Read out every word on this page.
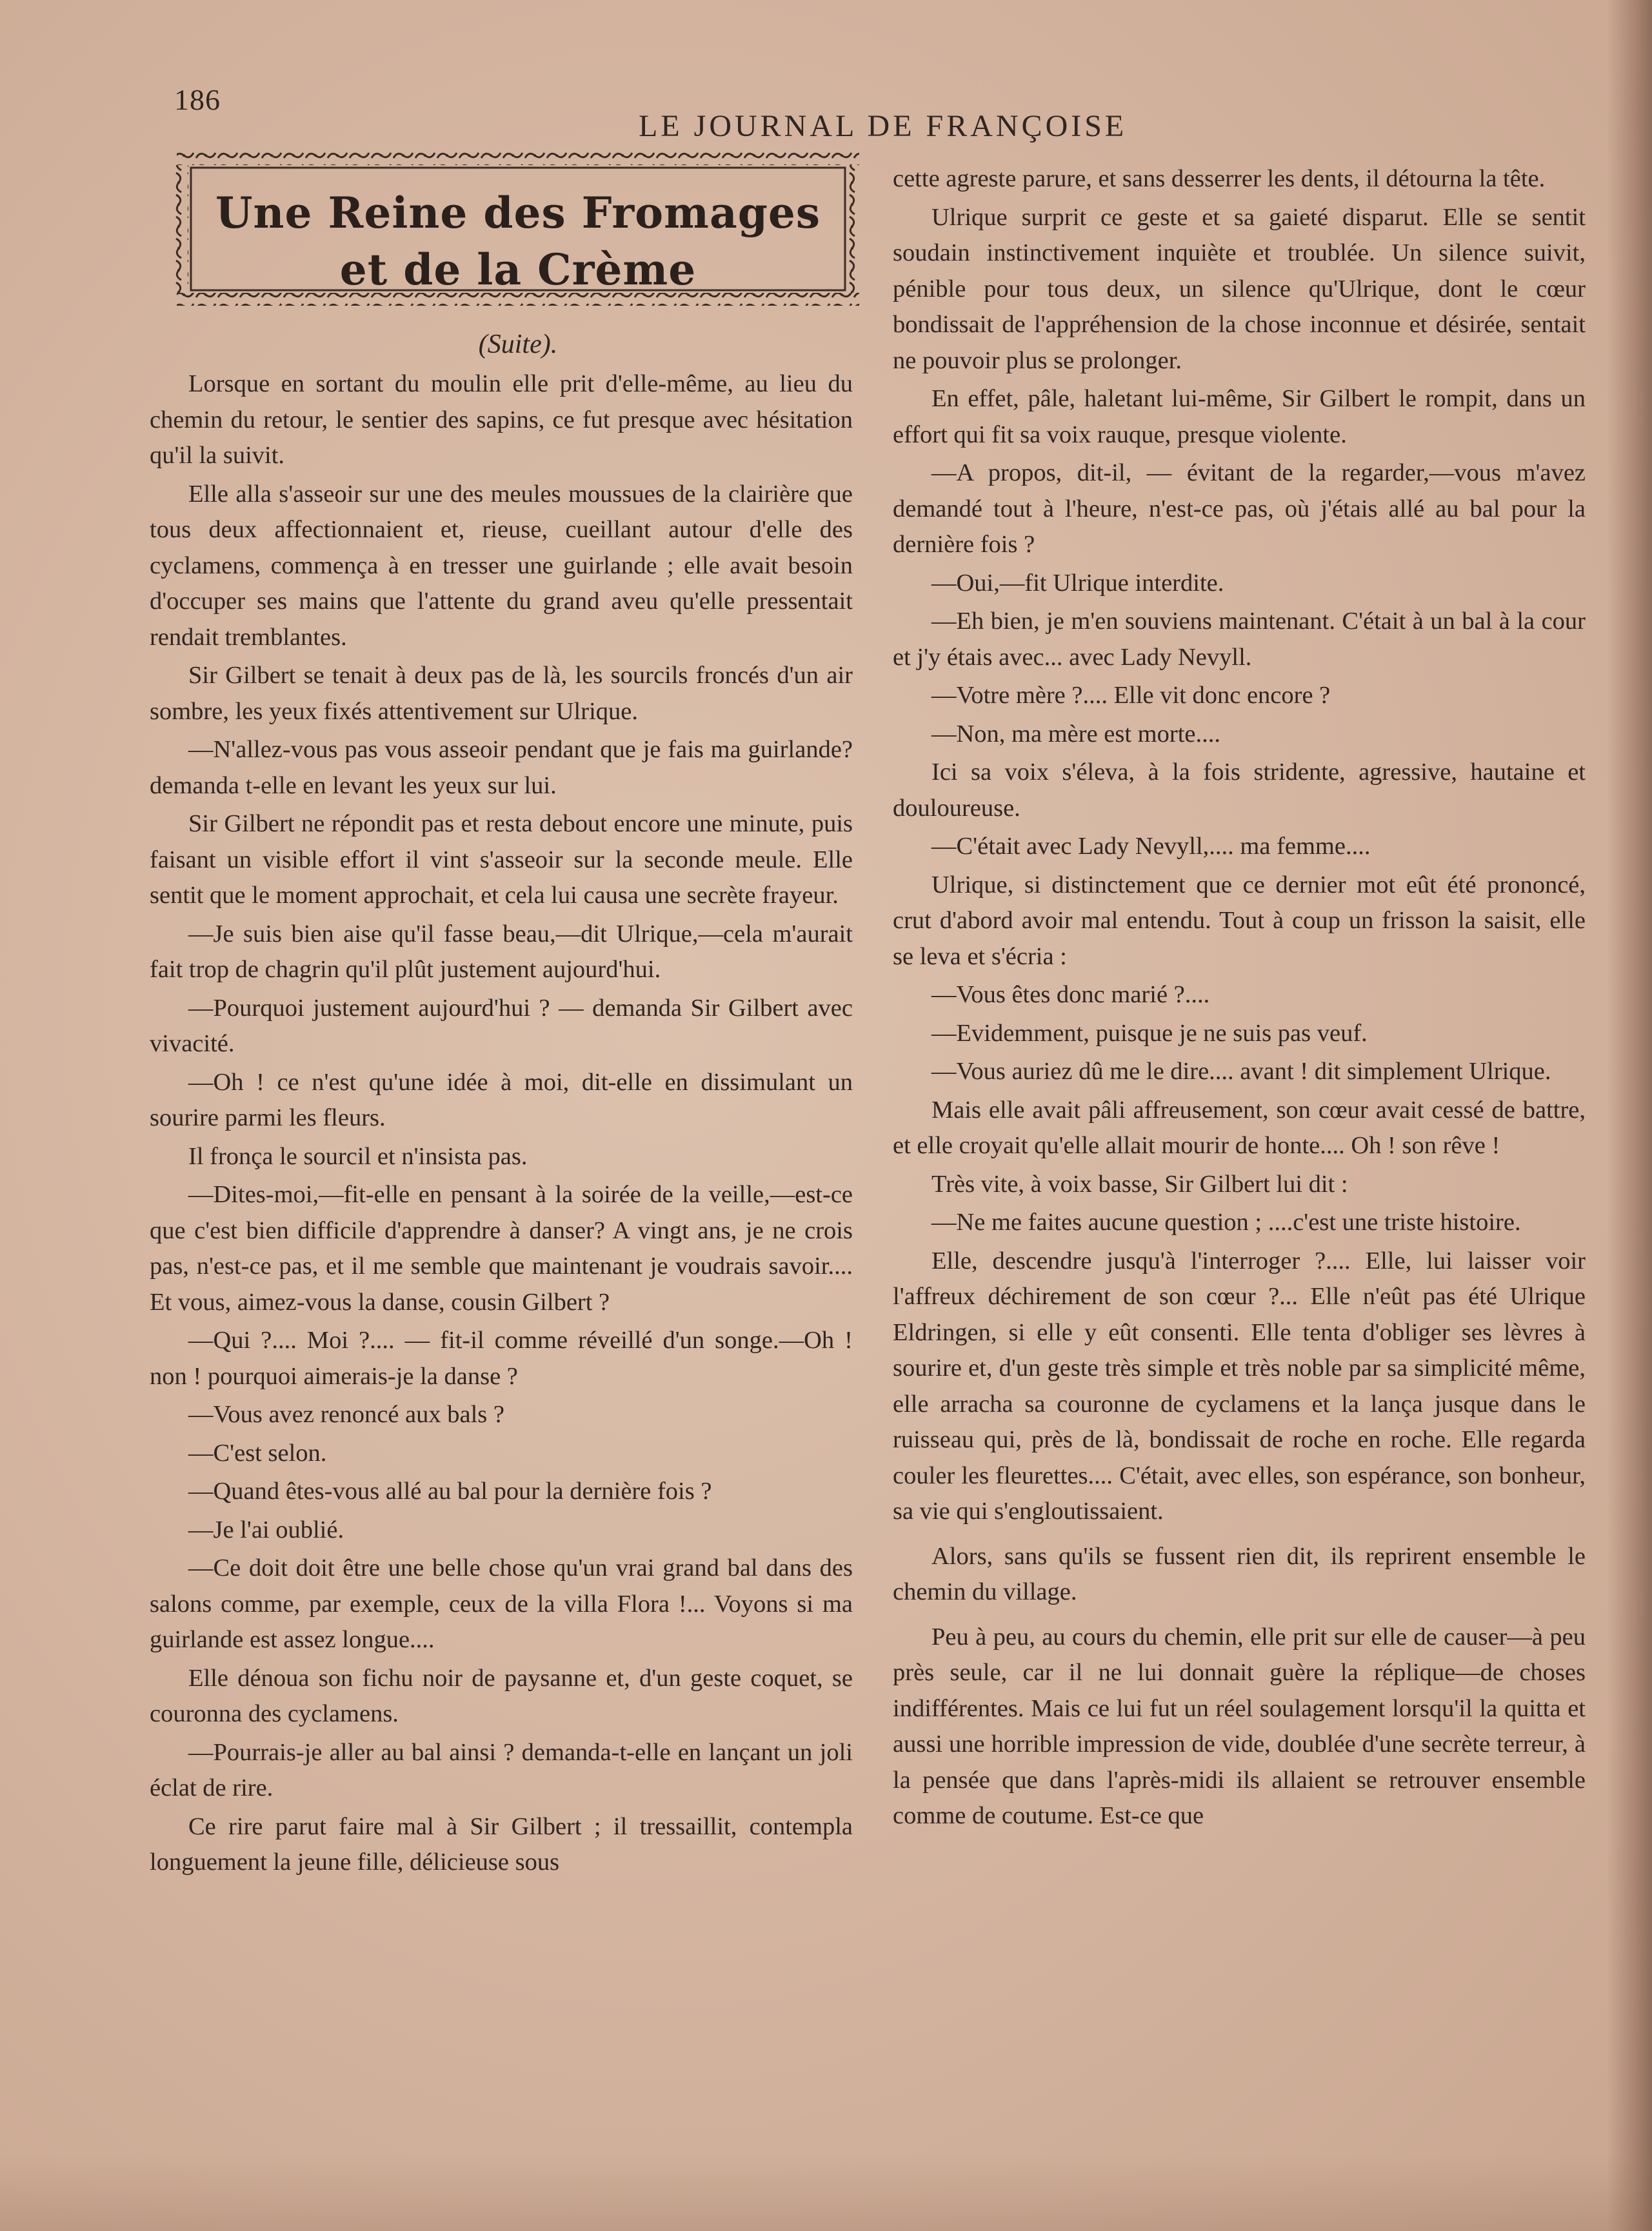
186
LE JOURNAL DE FRANÇOISE
Une Reine des Fromages
et de la Crème
(Suite).

Lorsque en sortant du moulin elle prit d'elle-même, au lieu du chemin du retour, le sentier des sapins, ce fut presque avec hésitation qu'il la suivit.

Elle alla s'asseoir sur une des meules moussues de la clairière que tous deux affectionnaient et, rieuse, cueillant autour d'elle des cyclamens, commença à en tresser une guirlande ; elle avait besoin d'occuper ses mains que l'attente du grand aveu qu'elle pressentait rendait tremblantes.

Sir Gilbert se tenait à deux pas de là, les sourcils froncés d'un air sombre, les yeux fixés attentivement sur Ulrique.

—N'allez-vous pas vous asseoir pendant que je fais ma guirlande? demanda t-elle en levant les yeux sur lui.

Sir Gilbert ne répondit pas et resta debout encore une minute, puis faisant un visible effort il vint s'asseoir sur la seconde meule. Elle sentit que le moment approchait, et cela lui causa une secrète frayeur.

—Je suis bien aise qu'il fasse beau,—dit Ulrique,—cela m'aurait fait trop de chagrin qu'il plût justement aujourd'hui.

—Pourquoi justement aujourd'hui ? — demanda Sir Gilbert avec vivacité.

—Oh ! ce n'est qu'une idée à moi, dit-elle en dissimulant un sourire parmi les fleurs.

Il fronça le sourcil et n'insista pas.

—Dites-moi,—fit-elle en pensant à la soirée de la veille,—est-ce que c'est bien difficile d'apprendre à danser? A vingt ans, je ne crois pas, n'est-ce pas, et il me semble que maintenant je voudrais savoir.... Et vous, aimez-vous la danse, cousin Gilbert ?

—Qui ?.... Moi ?.... — fit-il comme réveillé d'un songe.—Oh ! non ! pourquoi aimerais-je la danse ?

—Vous avez renoncé aux bals ?

—C'est selon.

—Quand êtes-vous allé au bal pour la dernière fois ?

—Je l'ai oublié.

—Ce doit doit être une belle chose qu'un vrai grand bal dans des salons comme, par exemple, ceux de la villa Flora !... Voyons si ma guirlande est assez longue....

Elle dénoua son fichu noir de paysanne et, d'un geste coquet, se couronna des cyclamens.

—Pourrais-je aller au bal ainsi ? demanda-t-elle en lançant un joli éclat de rire.

Ce rire parut faire mal à Sir Gilbert ; il tressaillit, contempla longuement la jeune fille, délicieuse sous

cette agreste parure, et sans desserrer les dents, il détourna la tête.

Ulrique surprit ce geste et sa gaieté disparut. Elle se sentit soudain instinctivement inquiète et troublée. Un silence suivit, pénible pour tous deux, un silence qu'Ulrique, dont le cœur bondissait de l'appréhension de la chose inconnue et désirée, sentait ne pouvoir plus se prolonger.

En effet, pâle, haletant lui-même, Sir Gilbert le rompit, dans un effort qui fit sa voix rauque, presque violente.

—A propos, dit-il, — évitant de la regarder,—vous m'avez demandé tout à l'heure, n'est-ce pas, où j'étais allé au bal pour la dernière fois ?

—Oui,—fit Ulrique interdite.

—Eh bien, je m'en souviens maintenant. C'était à un bal à la cour et j'y étais avec... avec Lady Nevyll.

—Votre mère ?.... Elle vit donc encore ?

—Non, ma mère est morte....

Ici sa voix s'éleva, à la fois stridente, agressive, hautaine et douloureuse.

—C'était avec Lady Nevyll,.... ma femme....

Ulrique, si distinctement que ce dernier mot eût été prononcé, crut d'abord avoir mal entendu. Tout à coup un frisson la saisit, elle se leva et s'écria :

—Vous êtes donc marié ?....

—Evidemment, puisque je ne suis pas veuf.

—Vous auriez dû me le dire.... avant ! dit simplement Ulrique.

Mais elle avait pâli affreusement, son cœur avait cessé de battre, et elle croyait qu'elle allait mourir de honte.... Oh ! son rêve !

Très vite, à voix basse, Sir Gilbert lui dit :

—Ne me faites aucune question ; ....c'est une triste histoire.

Elle, descendre jusqu'à l'interroger ?.... Elle, lui laisser voir l'affreux déchirement de son cœur ?... Elle n'eût pas été Ulrique Eldringen, si elle y eût consenti. Elle tenta d'obliger ses lèvres à sourire et, d'un geste très simple et très noble par sa simplicité même, elle arracha sa couronne de cyclamens et la lança jusque dans le ruisseau qui, près de là, bondissait de roche en roche. Elle regarda couler les fleurettes.... C'était, avec elles, son espérance, son bonheur, sa vie qui s'engloutissaient.

Alors, sans qu'ils se fussent rien dit, ils reprirent ensemble le chemin du village.

Peu à peu, au cours du chemin, elle prit sur elle de causer—à peu près seule, car il ne lui donnait guère la réplique—de choses indifférentes. Mais ce lui fut un réel soulagement lorsqu'il la quitta et aussi une horrible impression de vide, doublée d'une secrète terreur, à la pensée que dans l'après-midi ils allaient se retrouver ensemble comme de coutume. Est-ce que
